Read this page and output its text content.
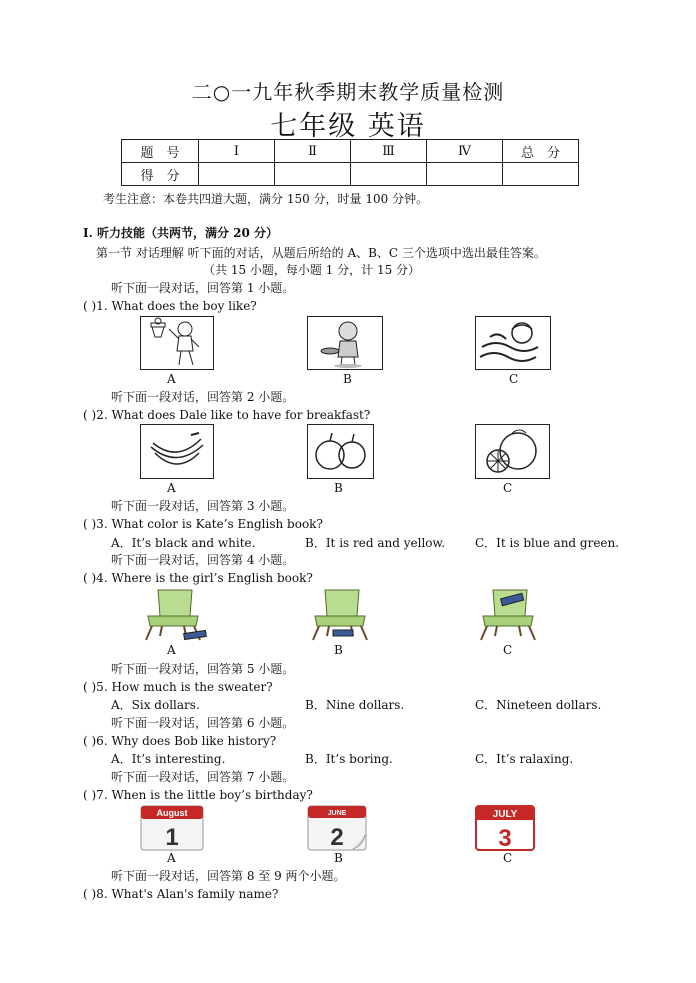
二○一九年秋季期末教学质量检测
七年级 英语
题　号	Ⅰ	Ⅱ	Ⅲ	Ⅳ	总　分
得　分					
考生注意：本卷共四道大题，满分 150 分，时量 100 分钟。
I. 听力技能（共两节，满分 20 分）
第一节 对话理解 听下面的对话，从题后所给的 A、B、C 三个选项中选出最佳答案。
（共 15 小题，每小题 1 分，计 15 分）
听下面一段对话，回答第 1 小题。
( )1. What does the boy like?
A	B	C
听下面一段对话，回答第 2 小题。
( )2. What does Dale like to have for breakfast?
A	B	C
听下面一段对话，回答第 3 小题。
( )3. What color is Kate’s English book?
A．It’s black and white.	B．It is red and yellow. C．It is blue and green.
听下面一段对话，回答第 4 小题。
( )4. Where is the girl’s English book?
A	B	C
听下面一段对话，回答第 5 小题。
( )5. How much is the sweater?
A．Six dollars.	B．Nine dollars.	C．Nineteen dollars.
听下面一段对话，回答第 6 小题。
( )6. Why does Bob like history?
A．It’s interesting.	B．It’s boring.	C．It’s ralaxing.
听下面一段对话，回答第 7 小题。
( )7. When is the little boy’s birthday?
August
1
JUNE
2
JULY
3
A	B	C
听下面一段对话，回答第 8 至 9 两个小题。
( )8. What's Alan's family name?
